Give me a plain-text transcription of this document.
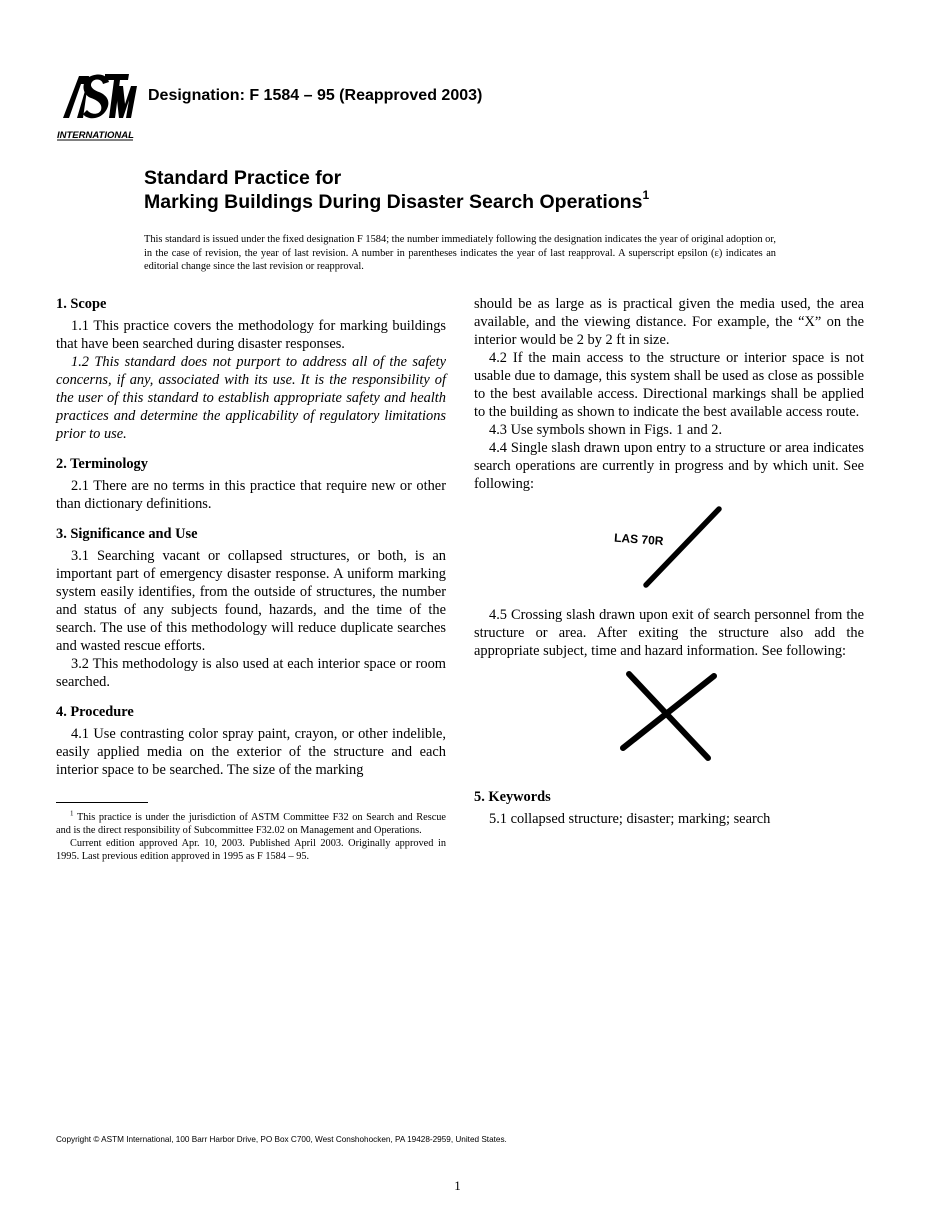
INTERNATIONAL
Designation: F 1584 – 95 (Reapproved 2003)
Standard Practice for
Marking Buildings During Disaster Search Operations$^1$
This standard is issued under the fixed designation F 1584; the number immediately following the designation indicates the year of original adoption or, in the case of revision, the year of last revision. A number in parentheses indicates the year of last reapproval. A superscript epsilon (ε) indicates an editorial change since the last revision or reapproval.

1. Scope

1.1 This practice covers the methodology for marking buildings that have been searched during disaster responses.

1.2 This standard does not purport to address all of the safety concerns, if any, associated with its use. It is the responsibility of the user of this standard to establish appropriate safety and health practices and determine the applicability of regulatory limitations prior to use.

2. Terminology

2.1 There are no terms in this practice that require new or other than dictionary definitions.

3. Significance and Use

3.1 Searching vacant or collapsed structures, or both, is an important part of emergency disaster response. A uniform marking system easily identifies, from the outside of structures, the number and status of any subjects found, hazards, and the time of the search. The use of this methodology will reduce duplicate searches and wasted rescue efforts.

3.2 This methodology is also used at each interior space or room searched.

4. Procedure

4.1 Use contrasting color spray paint, crayon, or other indelible, easily applied media on the exterior of the structure and each interior space to be searched. The size of the marking

should be as large as is practical given the media used, the area available, and the viewing distance. For example, the “X” on the interior would be 2 by 2 ft in size.

4.2 If the main access to the structure or interior space is not usable due to damage, this system shall be used as close as possible to the best available access. Directional markings shall be applied to the building as shown to indicate the best available access route.

4.3 Use symbols shown in Figs. 1 and 2.

4.4 Single slash drawn upon entry to a structure or area indicates search operations are currently in progress and by which unit. See following:

LAS 70R

4.5 Crossing slash drawn upon exit of search personnel from the structure or area. After exiting the structure also add the appropriate subject, time and hazard information. See following:

5. Keywords

5.1 collapsed structure; disaster; marking; search

$^1$ This practice is under the jurisdiction of ASTM Committee F32 on Search and Rescue and is the direct responsibility of Subcommittee F32.02 on Management and Operations.

Current edition approved Apr. 10, 2003. Published April 2003. Originally approved in 1995. Last previous edition approved in 1995 as F 1584 – 95.

Copyright © ASTM International, 100 Barr Harbor Drive, PO Box C700, West Conshohocken, PA 19428-2959, United States.
1
